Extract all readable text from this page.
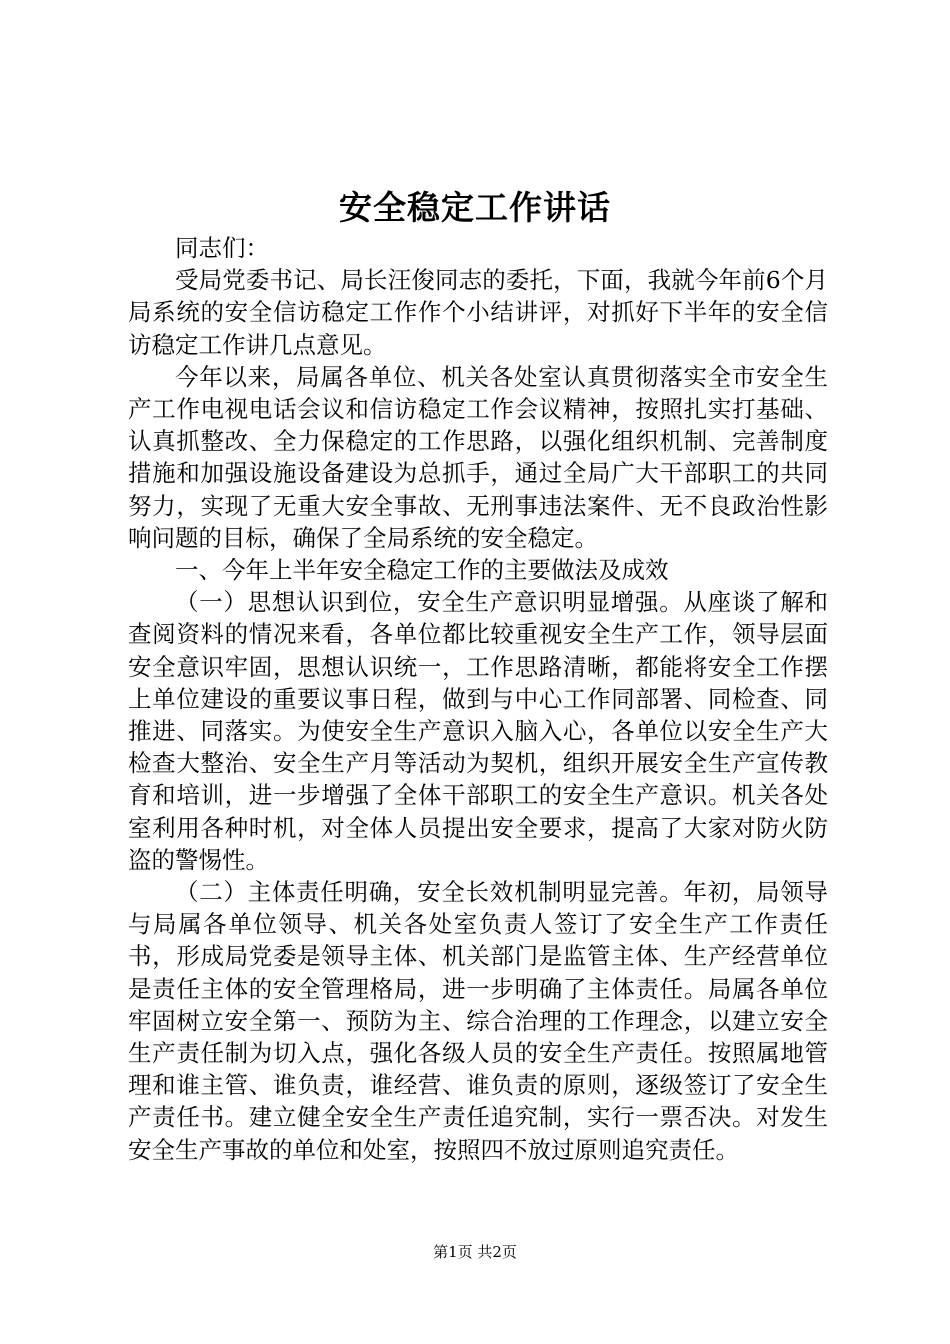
安全稳定工作讲话

同志们：

受局党委书记、局长汪俊同志的委托，下面，我就今年前6个月局系统的安全信访稳定工作作个小结讲评，对抓好下半年的安全信访稳定工作讲几点意见。

今年以来，局属各单位、机关各处室认真贯彻落实全市安全生产工作电视电话会议和信访稳定工作会议精神，按照扎实打基础、认真抓整改、全力保稳定的工作思路，以强化组织机制、完善制度措施和加强设施设备建设为总抓手，通过全局广大干部职工的共同努力，实现了无重大安全事故、无刑事违法案件、无不良政治性影响问题的目标，确保了全局系统的安全稳定。

一、今年上半年安全稳定工作的主要做法及成效

（一）思想认识到位，安全生产意识明显增强。从座谈了解和查阅资料的情况来看，各单位都比较重视安全生产工作，领导层面安全意识牢固，思想认识统一，工作思路清晰，都能将安全工作摆上单位建设的重要议事日程，做到与中心工作同部署、同检查、同推进、同落实。为使安全生产意识入脑入心，各单位以安全生产大检查大整治、安全生产月等活动为契机，组织开展安全生产宣传教育和培训，进一步增强了全体干部职工的安全生产意识。机关各处室利用各种时机，对全体人员提出安全要求，提高了大家对防火防盗的警惕性。

（二）主体责任明确，安全长效机制明显完善。年初，局领导与局属各单位领导、机关各处室负责人签订了安全生产工作责任书，形成局党委是领导主体、机关部门是监管主体、生产经营单位是责任主体的安全管理格局，进一步明确了主体责任。局属各单位牢固树立安全第一、预防为主、综合治理的工作理念，以建立安全生产责任制为切入点，强化各级人员的安全生产责任。按照属地管理和谁主管、谁负责，谁经营、谁负责的原则，逐级签订了安全生产责任书。建立健全安全生产责任追究制，实行一票否决。对发生安全生产事故的单位和处室，按照四不放过原则追究责任。

第1页 共2页
